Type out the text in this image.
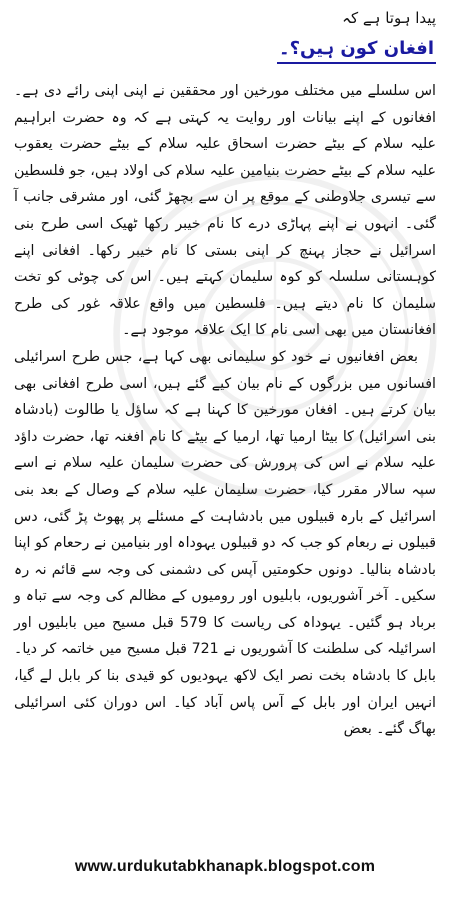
پیدا ہوتا ہے کہ
افغان کون ہیں؟۔

اس سلسلے میں مختلف مورخین اور محققین نے اپنی اپنی رائے دی ہے۔ افغانوں کے اپنے بیانات اور روایت یہ کہتی ہے کہ وہ حضرت ابراہیم علیہ سلام کے بیٹے حضرت اسحاق علیہ سلام کے بیٹے حضرت یعقوب علیہ سلام کے بیٹے حضرت بنیامین علیہ سلام کی اولاد ہیں، جو فلسطین سے تیسری جلاوطنی کے موقع پر ان سے بچھڑ گئی، اور مشرقی جانب آ گئی۔ انہوں نے اپنے پہاڑی درے کا نام خیبر رکھا ٹھیک اسی طرح بنی اسرائیل نے حجاز پہنچ کر اپنی بستی کا نام خیبر رکھا۔ افغانی اپنے کوہستانی سلسلہ کو کوہ سلیمان کہتے ہیں۔ اس کی چوٹی کو تخت سلیمان کا نام دیتے ہیں۔ فلسطین میں واقع علاقہ غور کی طرح افغانستان میں بھی اسی نام کا ایک علاقہ موجود ہے۔

بعض افغانیوں نے خود کو سلیمانی بھی کہا ہے، جس طرح اسرائیلی افسانوں میں بزرگوں کے نام بیان کیے گئے ہیں، اسی طرح افغانی بھی بیان کرتے ہیں۔ افغان مورخین کا کہنا ہے کہ ساؤل یا طالوت (بادشاہ بنی اسرائیل) کا بیٹا ارمیا تھا، ارمیا کے بیٹے کا نام افغنہ تھا، حضرت داؤد علیہ سلام نے اس کی پرورش کی حضرت سلیمان علیہ سلام نے اسے سپہ سالار مقرر کیا، حضرت سلیمان علیہ سلام کے وصال کے بعد بنی اسرائیل کے بارہ قبیلوں میں بادشاہت کے مسئلے پر پھوٹ پڑ گئی، دس قبیلوں نے ربعام کو جب کہ دو قبیلوں یہوداہ اور بنیامین نے رحعام کو اپنا بادشاہ بنالیا۔ دونوں حکومتیں آپس کی دشمنی کی وجہ سے قائم نہ رہ سکیں۔ آخر آشوریوں، بابلیوں اور رومیوں کے مظالم کی وجہ سے تباہ و برباد ہو گئیں۔ یہوداہ کی ریاست کا 579 قبل مسیح میں بابلیوں اور اسرائیلہ کی سلطنت کا آشوریوں نے 721 قبل مسیح میں خاتمہ کر دیا۔ بابل کا بادشاہ بخت نصر ایک لاکھ یہودیوں کو قیدی بنا کر بابل لے گیا، انہیں ایران اور بابل کے آس پاس آباد کیا۔ اس دوران کئی اسرائیلی بھاگ گئے۔ بعض

www.urdukutabkhanapk.blogspot.com
